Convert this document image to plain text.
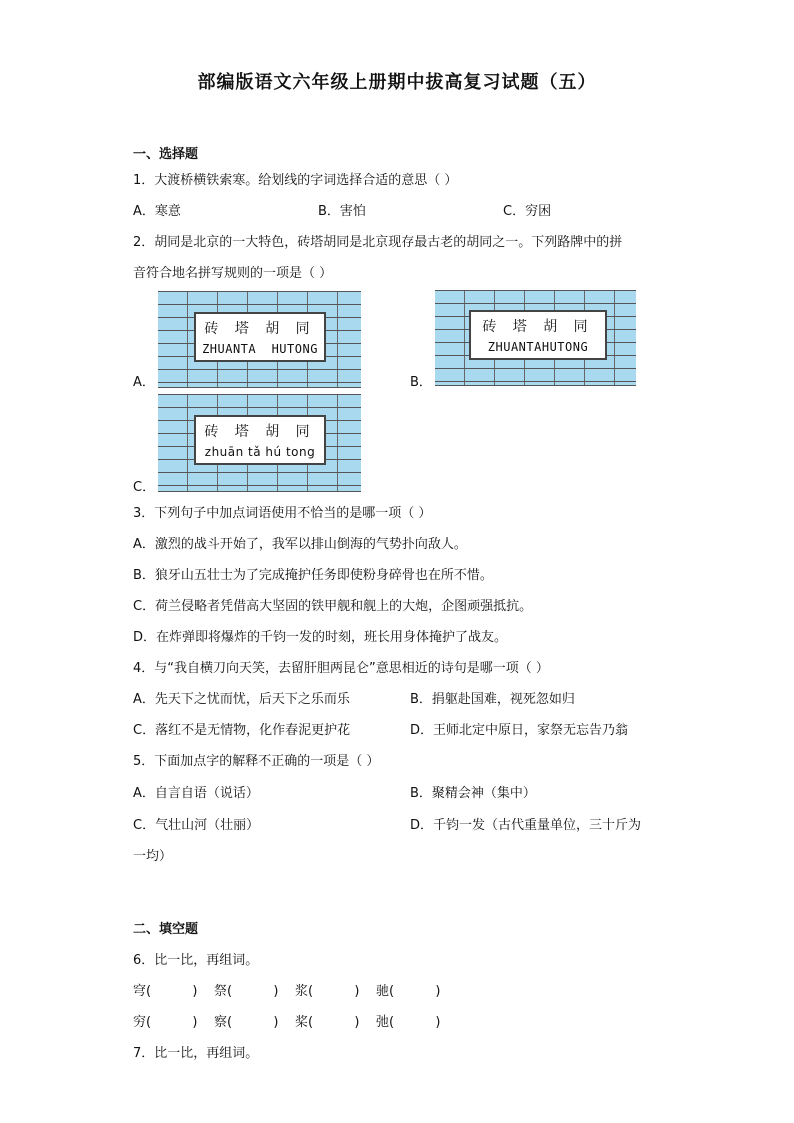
部编版语文六年级上册期中拔高复习试题（五）
一、选择题
1．大渡桥横铁索寒。给划线的字词选择合适的意思（ ）
A．寒意	B．害怕	C．穷困
2．胡同是北京的一大特色，砖塔胡同是北京现存最古老的胡同之一。下列路牌中的拼
音符合地名拼写规则的一项是（ ）
砖 塔 胡 同
ZHUANTA  HUTONG
A．
砖 塔 胡 同
ZHUANTAHUTONG
B．
砖 塔 胡 同
zhuān tǎ hú tong
C．
3．下列句子中加点词语使用不恰当的是哪一项（ ）
A．激烈的战斗开始了，我军以排山倒海的气势扑向敌人。
B．狼牙山五壮士为了完成掩护任务即使粉身碎骨也在所不惜。
C．荷兰侵略者凭借高大坚固的铁甲舰和舰上的大炮，企图顽强抵抗。
D．在炸弹即将爆炸的千钧一发的时刻，班长用身体掩护了战友。
4．与“我自横刀向天笑，去留肝胆两昆仑”意思相近的诗句是哪一项（ ）
A．先天下之忧而忧，后天下之乐而乐	B．捐躯赴国难，视死忽如归
C．落红不是无情物，化作春泥更护花	D．王师北定中原日，家祭无忘告乃翁
5．下面加点字的解释不正确的一项是（ ）
A．自言自语（说话）	B．聚精会神（集中）
C．气壮山河（壮丽）	D．千钧一发（古代重量单位，三十斤为
一均）
二、填空题
6．比一比，再组词。
穹(          ) 祭(          ) 浆(          ) 驰(          )
穷(          ) 察(          ) 桨(          ) 弛(          )
7．比一比，再组词。
